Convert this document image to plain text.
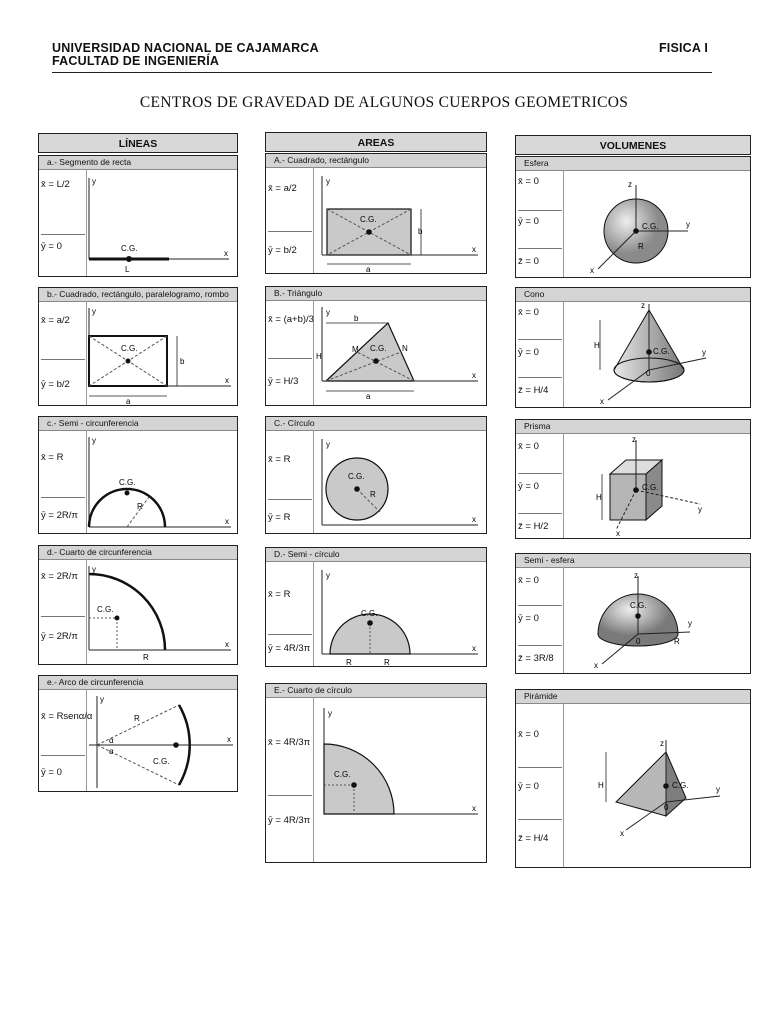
UNIVERSIDAD NACIONAL DE CAJAMARCA
FACULTAD DE INGENIERÍA
FISICA I
CENTROS DE GRAVEDAD DE ALGUNOS CUERPOS GEOMETRICOS
LÍNEAS	AREAS	VOLUMENES
a.- Segmento de recta
x̄ = L/2
ȳ = 0	C.G.
L
x
y
b.- Cuadrado, rectángulo, paralelogramo, rombo
x̄ = a/2
ȳ = b/2
C.G.
b
a
x
y
c.- Semi - circunferencia
x̄ = R
ȳ = 2R/π
C.G.
R
x
y
d.- Cuarto de circunferencia
x̄ = 2R/π
ȳ = 2R/π
C.G.
R
x
y
e.- Arco de circunferencia
x̄ = Rsenα/α
ȳ = 0
C.G.
R
α
α
x
y
A.- Cuadrado, rectángulo
x̄ = a/2
ȳ = b/2
C.G.
b
a
x
y
B.- Triángulo
x̄ = (a+b)/3
ȳ = H/3
C.G.
M	N
b
a
H
x
y
C.- Círculo
x̄ = R
ȳ = R
C.G.
R
x
y
D.- Semi - círculo
x̄ = R
ȳ = 4R/3π
C.G.
R	R
x
y
E.- Cuarto de círculo
x̄ = 4R/3π
ȳ = 4R/3π
C.G.
x
y
Esfera
x̄ = 0
ȳ = 0
z̄ = 0
C.G.
R
z
y
x
Cono
x̄ = 0
ȳ = 0
z̄ = H/4
C.G.
H
0
z
y
x
Prisma
x̄ = 0
ȳ = 0
z̄ = H/2
C.G.
H
z
y
x
Semi - esfera
x̄ = 0
ȳ = 0
z̄ = 3R/8
C.G.
0	R
z
y
x
Pirámide
x̄ = 0
ȳ = 0
z̄ = H/4
C.G.
H
0
z
y
x
